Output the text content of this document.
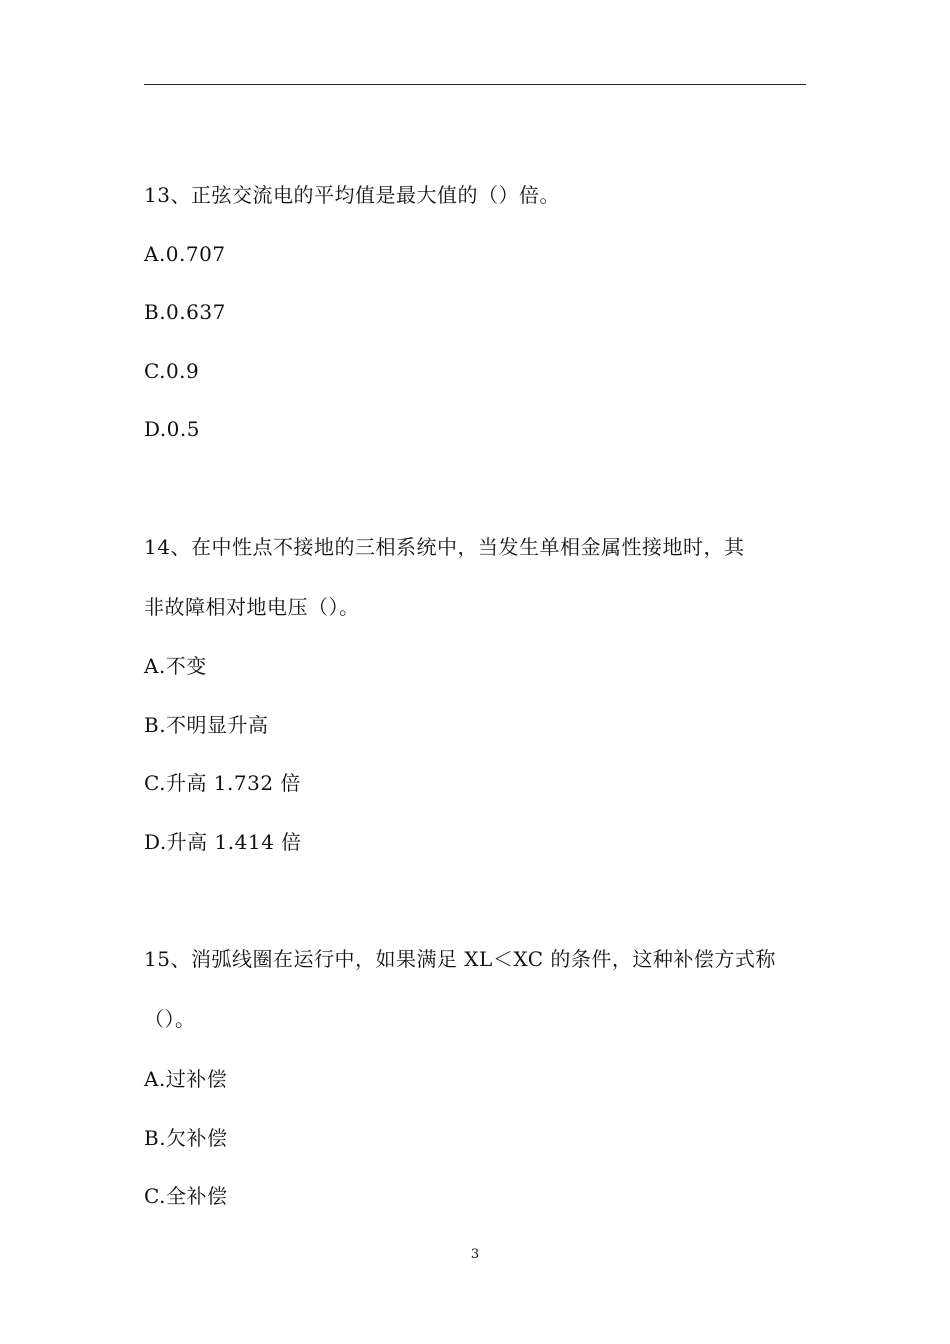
13、正弦交流电的平均值是最大值的（）倍。
A.0.707
B.0.637
C.0.9
D.0.5
14、在中性点不接地的三相系统中，当发生单相金属性接地时，其
非故障相对地电压（）。
A.不变
B.不明显升高
C.升高 1.732 倍
D.升高 1.414 倍
15、消弧线圈在运行中，如果满足 XL＜XC 的条件，这种补偿方式称
（）。
A.过补偿
B.欠补偿
C.全补偿
3
